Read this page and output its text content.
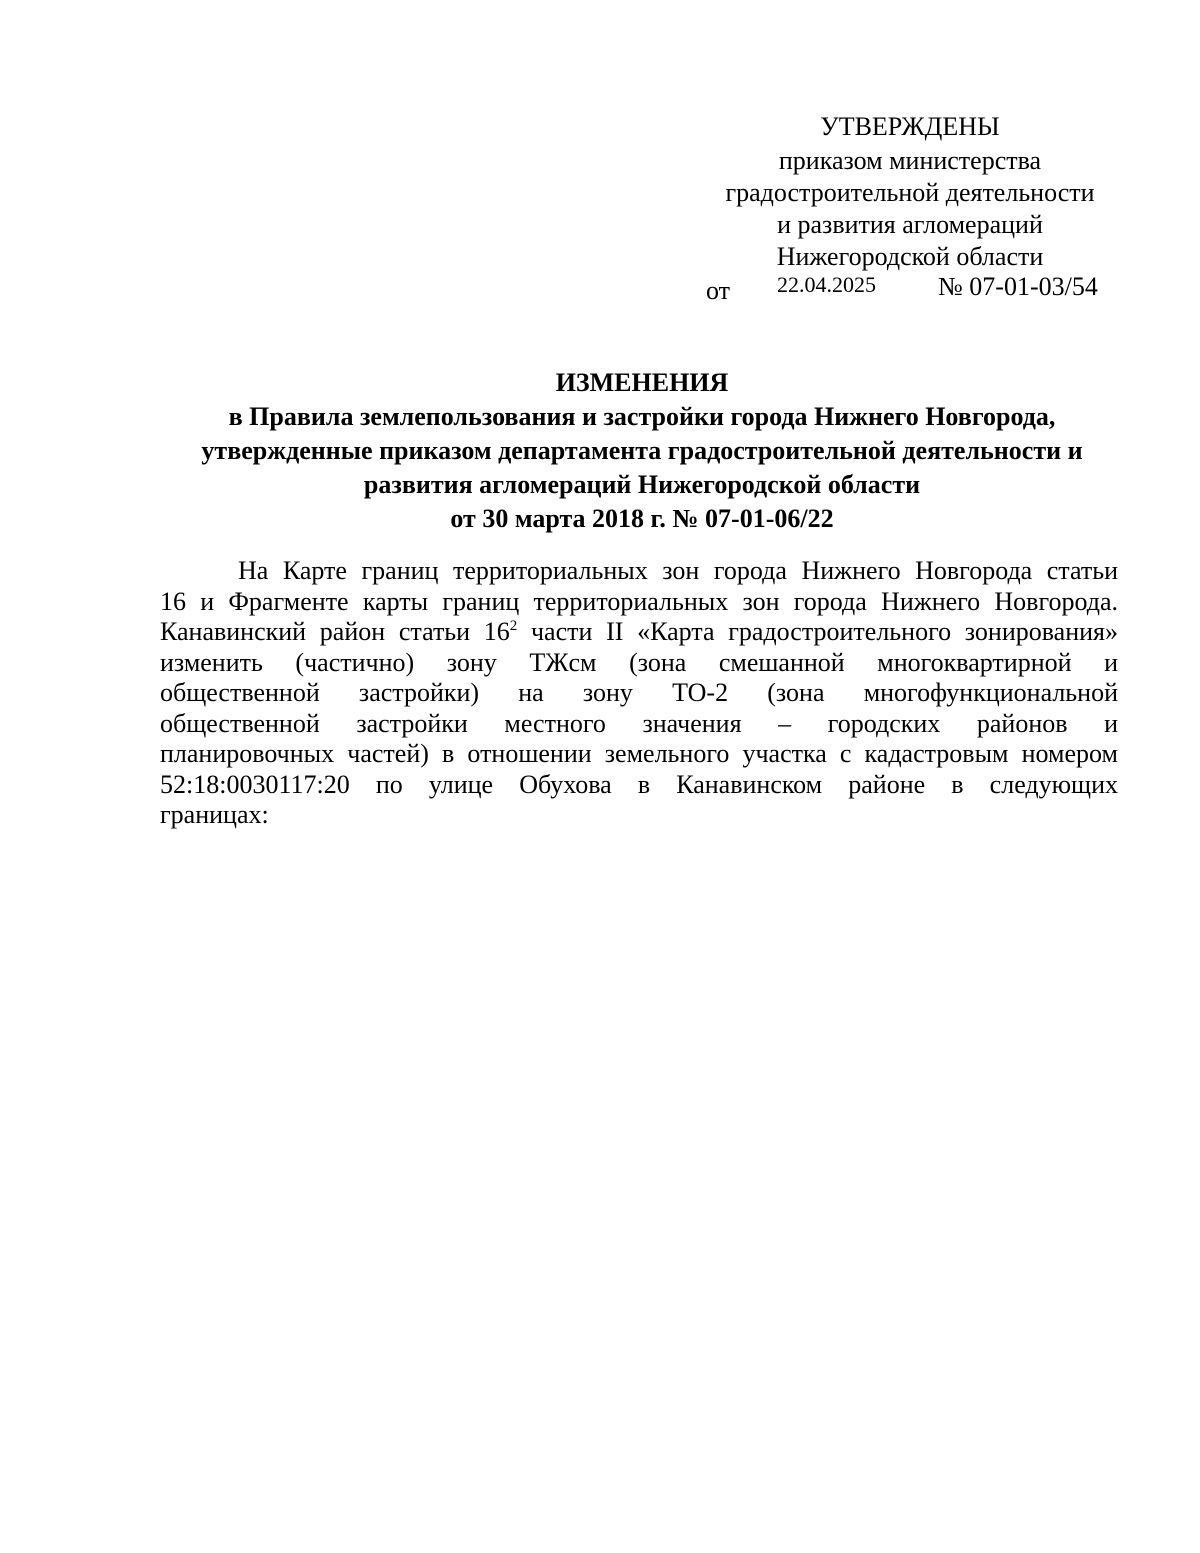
УТВЕРЖДЕНЫ
приказом министерства
градостроительной деятельности
и развития агломераций
Нижегородской области
от 22.04.2025 № 07-01-03/54
ИЗМЕНЕНИЯ
в Правила землепользования и застройки города Нижнего Новгорода,
утвержденные приказом департамента градостроительной деятельности и
развития агломераций Нижегородской области
от 30 марта 2018 г. № 07-01-06/22
На Карте границ территориальных зон города Нижнего Новгорода статьи
16 и Фрагменте карты границ территориальных зон города Нижнего Новгорода.
Канавинский район статьи $16^2$ части II «Карта градостроительного зонирования»
изменить (частично) зону ТЖсм (зона смешанной многоквартирной и
общественной застройки) на зону ТО-2 (зона многофункциональной
общественной застройки местного значения – городских районов и
планировочных частей) в отношении земельного участка с кадастровым номером
52:18:0030117:20 по улице Обухова в Канавинском районе в следующих
границах:
